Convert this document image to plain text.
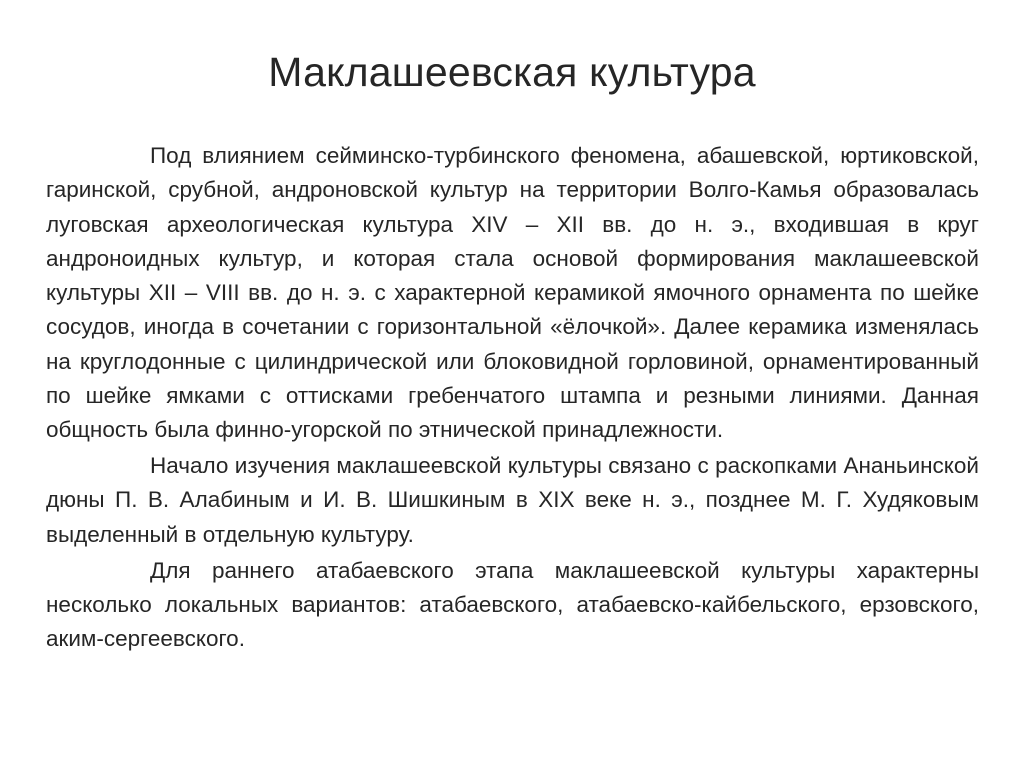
Маклашеевская культура

Под влиянием сейминско-турбинского феномена, абашевской, юртиковской, гаринской, срубной, андроновской культур на территории Волго-Камья образовалась луговская археологическая культура XIV – XII вв. до н. э., входившая в круг андроноидных культур, и которая стала основой формирования маклашеевской культуры XII – VIII вв. до н. э. с характерной керамикой ямочного орнамента по шейке сосудов, иногда в сочетании с горизонтальной «ёлочкой». Далее керамика изменялась на круглодонные с цилиндрической или блоковидной горловиной, орнаментированный по шейке ямками с оттисками гребенчатого штампа и резными линиями. Данная общность была финно-угорской по этнической принадлежности.

Начало изучения маклашеевской культуры связано с раскопками Ананьинской дюны П. В. Алабиным и И. В. Шишкиным в XIX веке н. э., позднее М. Г. Худяковым выделенный в отдельную культуру.

Для раннего атабаевского этапа маклашеевской культуры характерны несколько локальных вариантов: атабаевского, атабаевско-кайбельского, ерзовского, аким-сергеевского.
